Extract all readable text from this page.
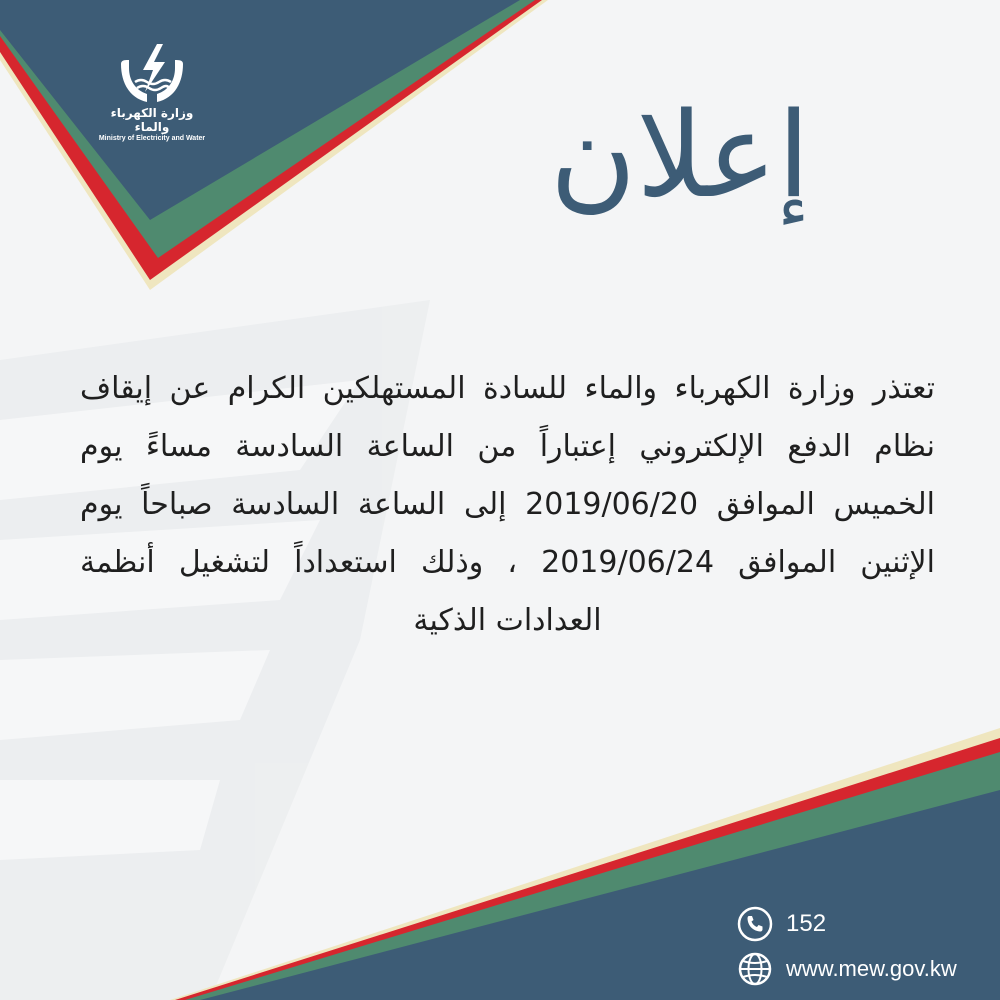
وزارة الكهرباء والماء
Ministry of Electricity and Water	إعلان

تعتذر وزارة الكهرباء والماء للسادة المستهلكين الكرام عن إيقاف نظام الدفع الإلكتروني إعتباراً من الساعة السادسة مساءً يوم الخميس الموافق 2019/06/20 إلى الساعة السادسة صباحاً يوم الإثنين الموافق 2019/06/24 ، وذلك استعداداً لتشغيل أنظمة العدادات الذكية

152
www.mew.gov.kw
